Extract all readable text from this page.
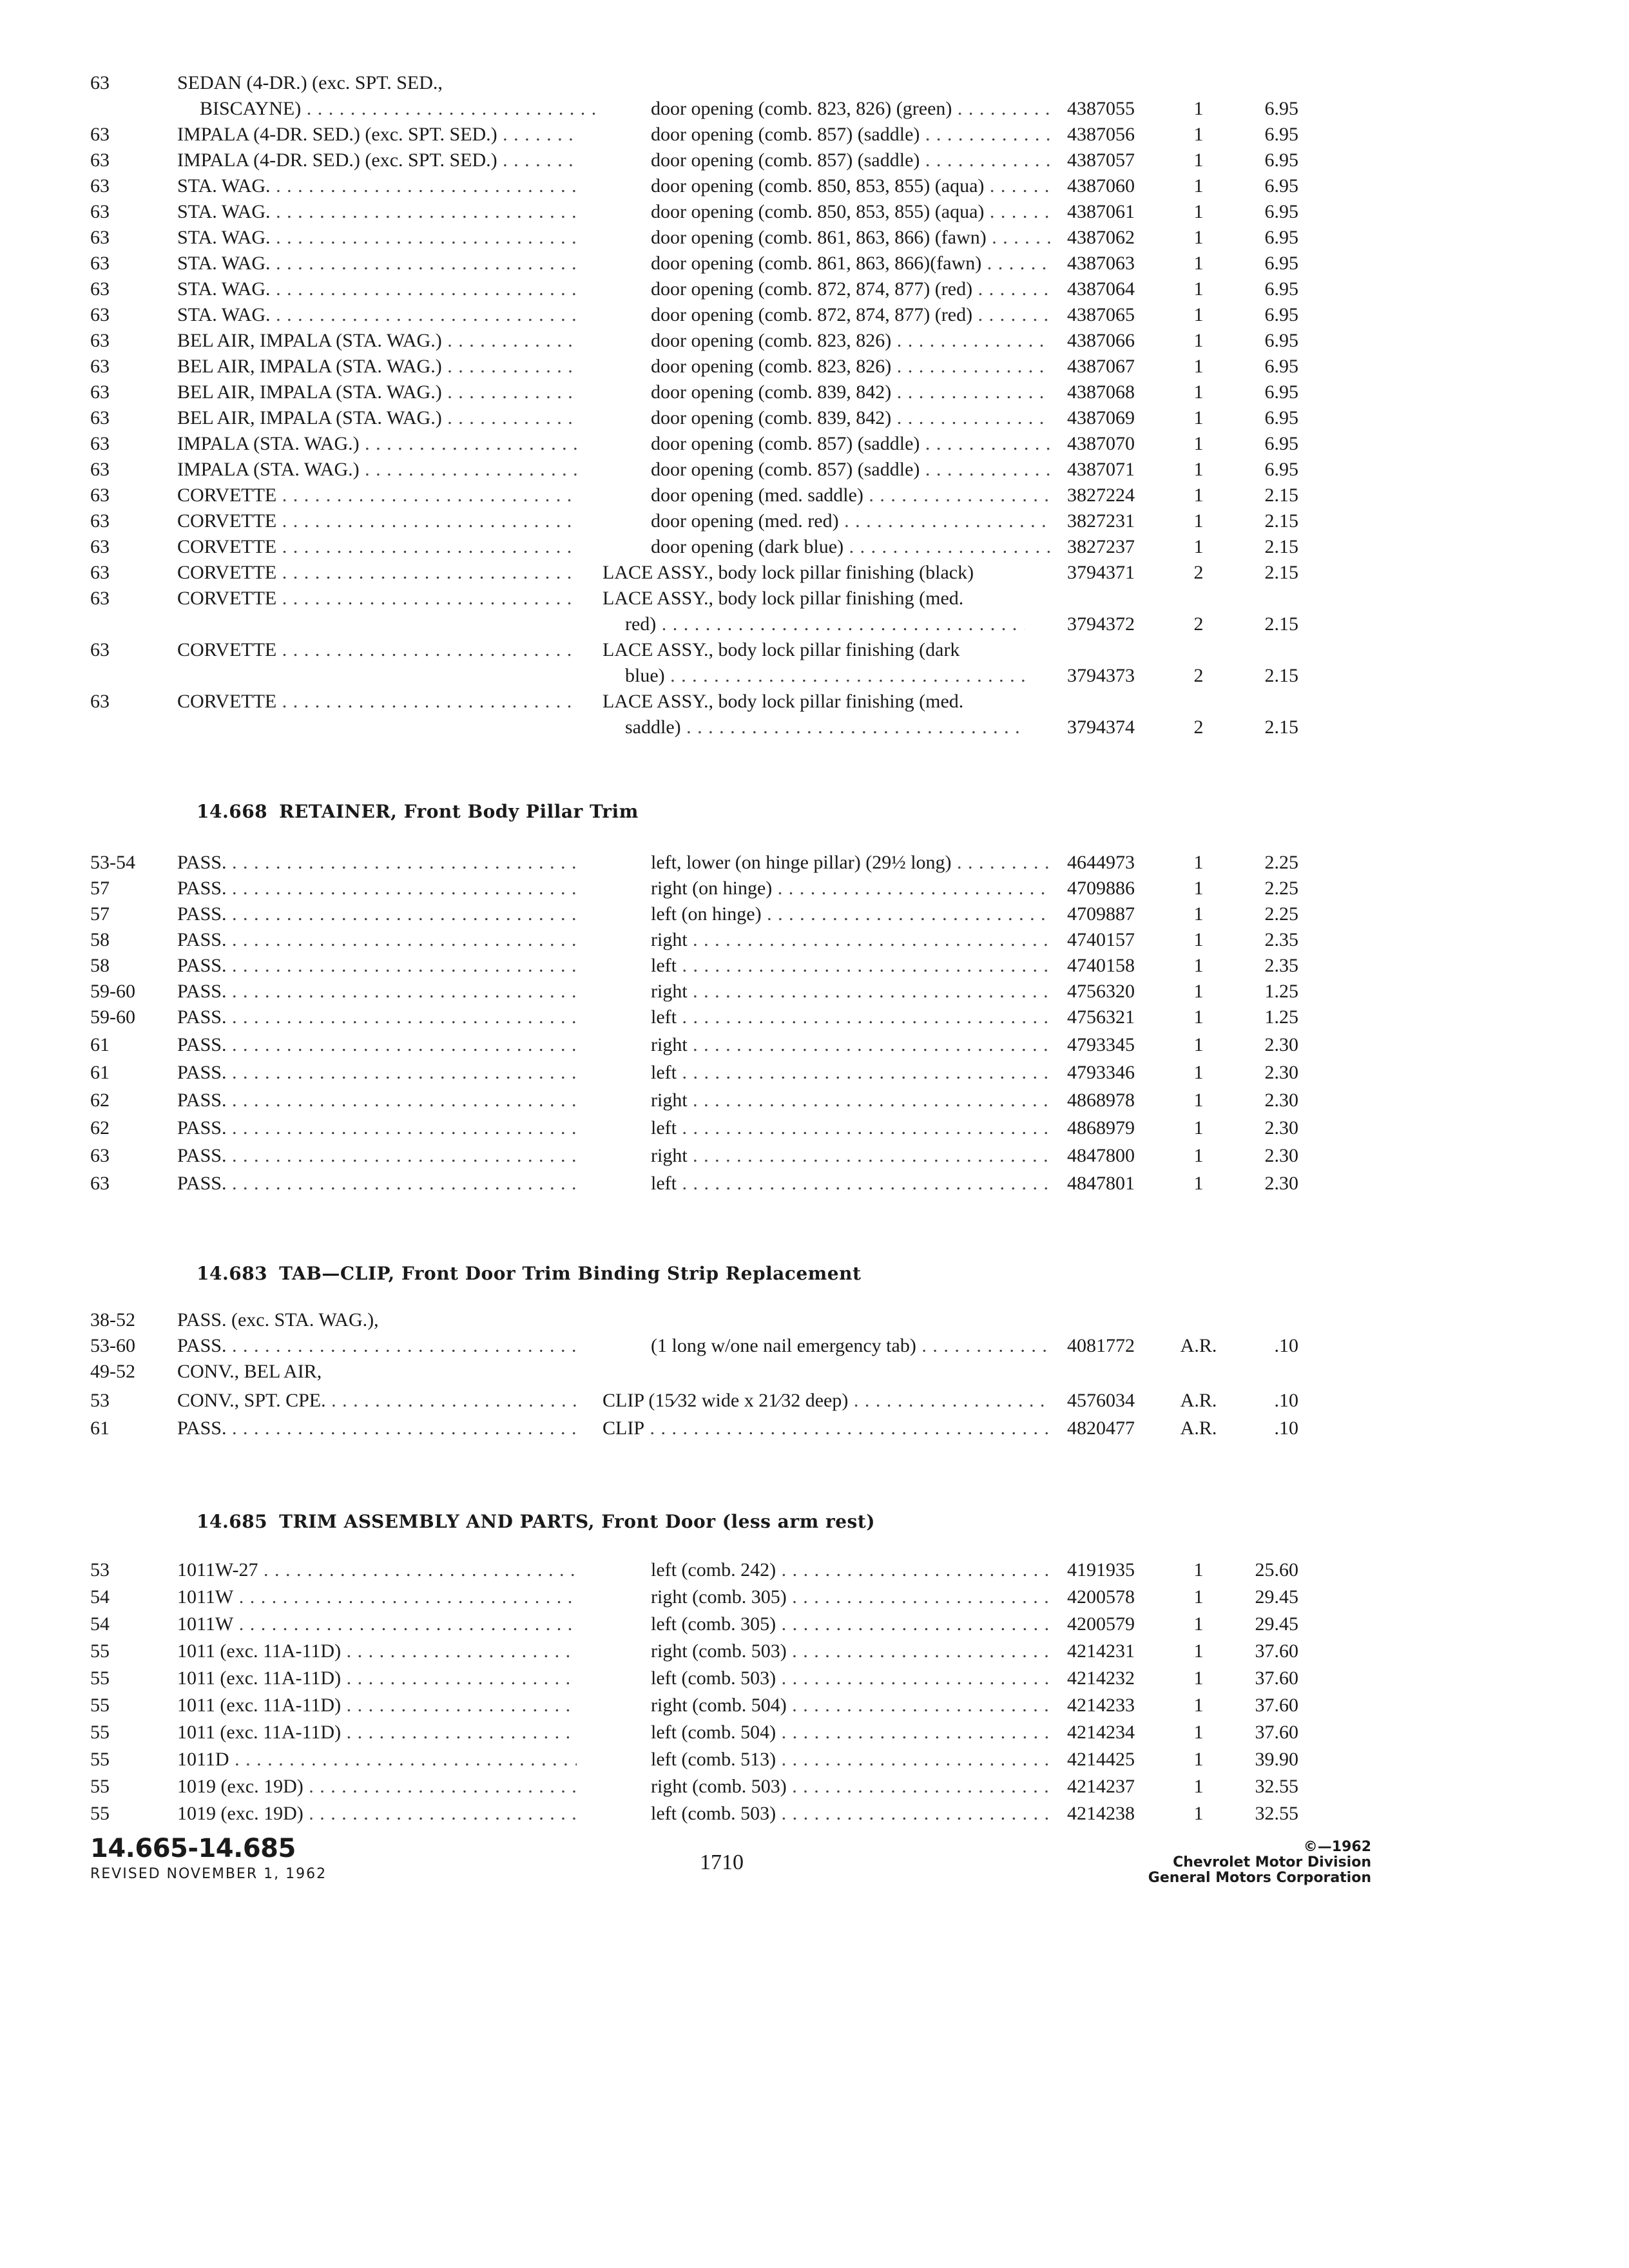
63	SEDAN (4-DR.) (exc. SPT. SED.,
BISCAYNE) . . .	door opening (comb. 823, 826) (green) . . .	4387055	1	6.95
63	IMPALA (4-DR. SED.) (exc. SPT. SED.) . . .	door opening (comb. 857) (saddle) . . .	4387056	1	6.95
63	IMPALA (4-DR. SED.) (exc. SPT. SED.) . . .	door opening (comb. 857) (saddle) . . .	4387057	1	6.95
63	STA. WAG. . . .	door opening (comb. 850, 853, 855) (aqua) . . .	4387060	1	6.95
63	STA. WAG. . . .	door opening (comb. 850, 853, 855) (aqua) . . .	4387061	1	6.95
63	STA. WAG. . . .	door opening (comb. 861, 863, 866) (fawn) . . .	4387062	1	6.95
63	STA. WAG. . . .	door opening (comb. 861, 863, 866)(fawn) . . .	4387063	1	6.95
63	STA. WAG. . . .	door opening (comb. 872, 874, 877) (red) . . .	4387064	1	6.95
63	STA. WAG. . . .	door opening (comb. 872, 874, 877) (red) . . .	4387065	1	6.95
63	BEL AIR, IMPALA (STA. WAG.) . . .	door opening (comb. 823, 826) . . .	4387066	1	6.95
63	BEL AIR, IMPALA (STA. WAG.) . . .	door opening (comb. 823, 826) . . .	4387067	1	6.95
63	BEL AIR, IMPALA (STA. WAG.) . . .	door opening (comb. 839, 842) . . .	4387068	1	6.95
63	BEL AIR, IMPALA (STA. WAG.) . . .	door opening (comb. 839, 842) . . .	4387069	1	6.95
63	IMPALA (STA. WAG.) . . .	door opening (comb. 857) (saddle) . . .	4387070	1	6.95
63	IMPALA (STA. WAG.) . . .	door opening (comb. 857) (saddle) . . .	4387071	1	6.95
63	CORVETTE . . .	door opening (med. saddle) . . .	3827224	1	2.15
63	CORVETTE . . .	door opening (med. red) . . .	3827231	1	2.15
63	CORVETTE . . .	door opening (dark blue) . . .	3827237	1	2.15
63	CORVETTE . . .	LACE ASSY., body lock pillar finishing (black)	3794371	2	2.15
63	CORVETTE . . .	LACE ASSY., body lock pillar finishing (med.
red) . . .	3794372	2	2.15
63	CORVETTE . . .	LACE ASSY., body lock pillar finishing (dark
blue) . . .	3794373	2	2.15
63	CORVETTE . . .	LACE ASSY., body lock pillar finishing (med.
saddle) . . .	3794374	2	2.15
14.668 RETAINER, Front Body Pillar Trim
53-54	PASS. . . .	left, lower (on hinge pillar) (29½ long) . . .	4644973	1	2.25
57	PASS. . . .	right (on hinge) . . .	4709886	1	2.25
57	PASS. . . .	left (on hinge) . . .	4709887	1	2.25
58	PASS. . . .	right . . .	4740157	1	2.35
58	PASS. . . .	left . . .	4740158	1	2.35
59-60	PASS. . . .	right . . .	4756320	1	1.25
59-60	PASS. . . .	left . . .	4756321	1	1.25
61	PASS. . . .	right . . .	4793345	1	2.30
61	PASS. . . .	left . . .	4793346	1	2.30
62	PASS. . . .	right . . .	4868978	1	2.30
62	PASS. . . .	left . . .	4868979	1	2.30
63	PASS. . . .	right . . .	4847800	1	2.30
63	PASS. . . .	left . . .	4847801	1	2.30
14.683 TAB—CLIP, Front Door Trim Binding Strip Replacement
38-52	PASS. (exc. STA. WAG.),
53-60	PASS. . . .	(1 long w/one nail emergency tab) . . .	4081772	A.R.	.10
49-52	CONV., BEL AIR,
53	CONV., SPT. CPE. . . .	CLIP (15⁄32 wide x 21⁄32 deep) . . .	4576034	A.R.	.10
61	PASS. . . .	CLIP . . .	4820477	A.R.	.10
14.685 TRIM ASSEMBLY AND PARTS, Front Door (less arm rest)
53	1011W-27 . . .	left (comb. 242) . . .	4191935	1	25.60
54	1011W . . .	right (comb. 305) . . .	4200578	1	29.45
54	1011W . . .	left (comb. 305) . . .	4200579	1	29.45
55	1011 (exc. 11A-11D) . . .	right (comb. 503) . . .	4214231	1	37.60
55	1011 (exc. 11A-11D) . . .	left (comb. 503) . . .	4214232	1	37.60
55	1011 (exc. 11A-11D) . . .	right (comb. 504) . . .	4214233	1	37.60
55	1011 (exc. 11A-11D) . . .	left (comb. 504) . . .	4214234	1	37.60
55	1011D . . .	left (comb. 513) . . .	4214425	1	39.90
55	1019 (exc. 19D) . . .	right (comb. 503) . . .	4214237	1	32.55
55	1019 (exc. 19D) . . .	left (comb. 503) . . .	4214238	1	32.55
14.665-14.685
REVISED NOVEMBER 1, 1962	1710
©—1962
Chevrolet Motor Division
General Motors Corporation
